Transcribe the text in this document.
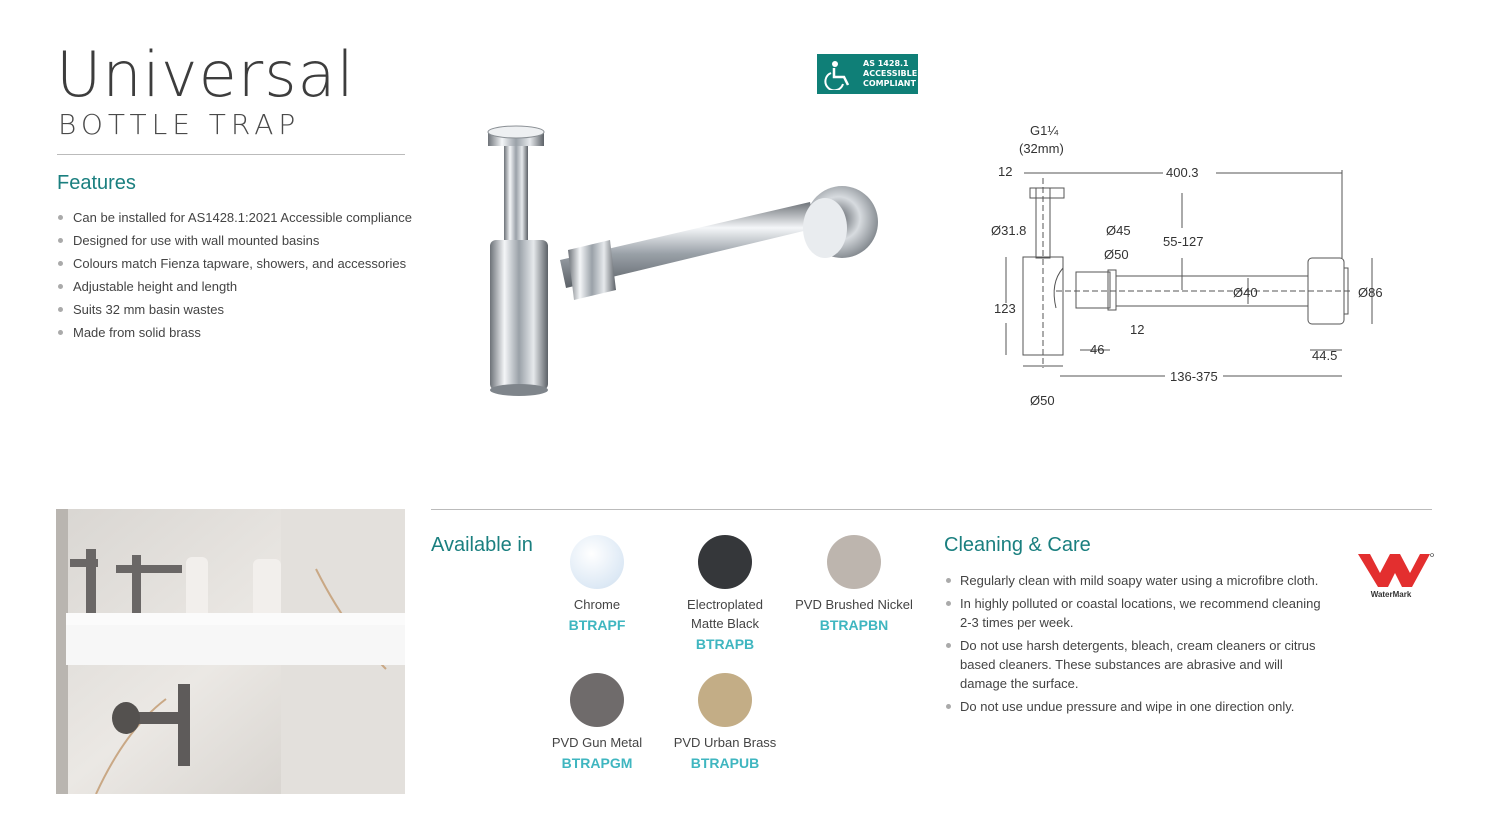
Universal
BOTTLE TRAP
Features
Can be installed for AS1428.1:2021 Accessible compliance
Designed for use with wall mounted basins
Colours match Fienza tapware, showers, and accessories
Adjustable height and length
Suits 32 mm basin wastes
Made from solid brass
AS 1428.1
ACCESSIBLE
COMPLIANT
G1¼
(32mm)
12	400.3
Ø31.8	Ø45
Ø50
55-127
123
Ø40	Ø86
12
46	44.5
136-375
Ø50
Available in
Chrome
BTRAPF
Electroplated
Matte Black
BTRAPB
PVD Brushed Nickel
BTRAPBN
PVD Gun Metal
BTRAPGM
PVD Urban Brass
BTRAPUB
Cleaning & Care
Regularly clean with mild soapy water using a microfibre cloth.
In highly polluted or coastal locations, we recommend cleaning 2-3 times per week.
Do not use harsh detergents, bleach, cream cleaners or citrus based cleaners. These substances are abrasive and will damage the surface.
Do not use undue pressure and wipe in one direction only.
WaterMark
